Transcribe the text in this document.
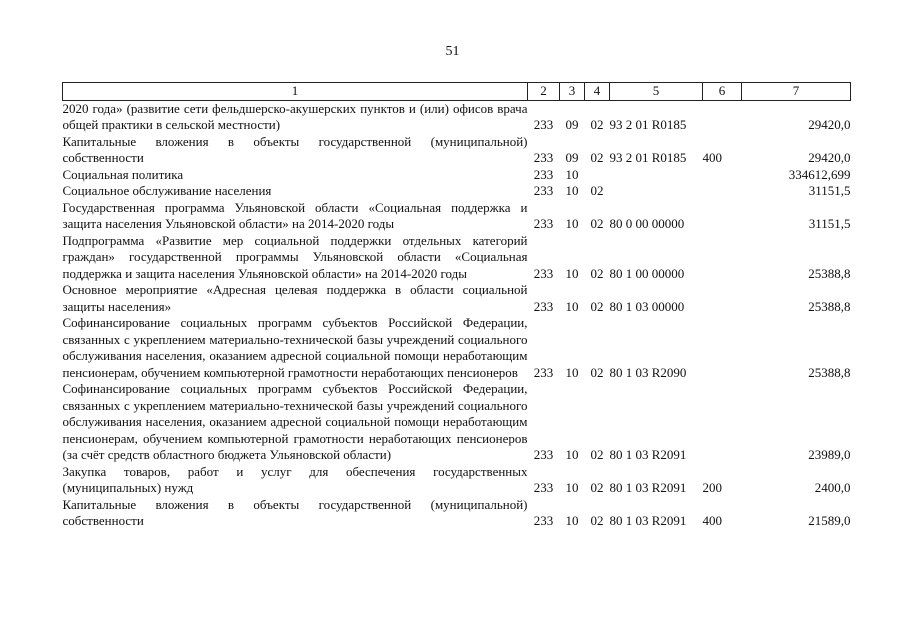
51
1	2	3	4	5	6	7
2020 года» (развитие сети фельдшерско-акушерских пунктов и (или) офисов врача общей практики в сельской местности)	233	09	02	93 2 01 R0185		29420,0
Капитальные вложения в объекты государственной (муниципальной) собственности	233	09	02	93 2 01 R0185	400	29420,0
Социальная политика	233	10				334612,699
Социальное обслуживание населения	233	10	02			31151,5
Государственная программа Ульяновской области «Социальная поддержка и защита населения Ульяновской области» на 2014-2020 годы	233	10	02	80 0 00 00000		31151,5
Подпрограмма «Развитие мер социальной поддержки отдельных категорий граждан» государственной программы Ульяновской области «Социальная поддержка и защита населения Ульяновской области» на 2014-2020 годы	233	10	02	80 1 00 00000		25388,8
Основное мероприятие «Адресная целевая поддержка в области социальной защиты населения»	233	10	02	80 1 03 00000		25388,8
Софинансирование социальных программ субъектов Российской Федерации, связанных с укреплением материально-технической базы учреждений социального обслуживания населения, оказанием адресной социальной помощи неработающим пенсионерам, обучением компьютерной грамотности неработающих пенсионеров	233	10	02	80 1 03 R2090		25388,8
Софинансирование социальных программ субъектов Российской Федерации, связанных с укреплением материально-технической базы учреждений социального обслуживания населения, оказанием адресной социальной помощи неработающим пенсионерам, обучением компьютерной грамотности неработающих пенсионеров (за счёт средств областного бюджета Ульяновской области)	233	10	02	80 1 03 R2091		23989,0
Закупка товаров, работ и услуг для обеспечения государственных (муниципальных) нужд	233	10	02	80 1 03 R2091	200	2400,0
Капитальные вложения в объекты государственной (муниципальной) собственности	233	10	02	80 1 03 R2091	400	21589,0
